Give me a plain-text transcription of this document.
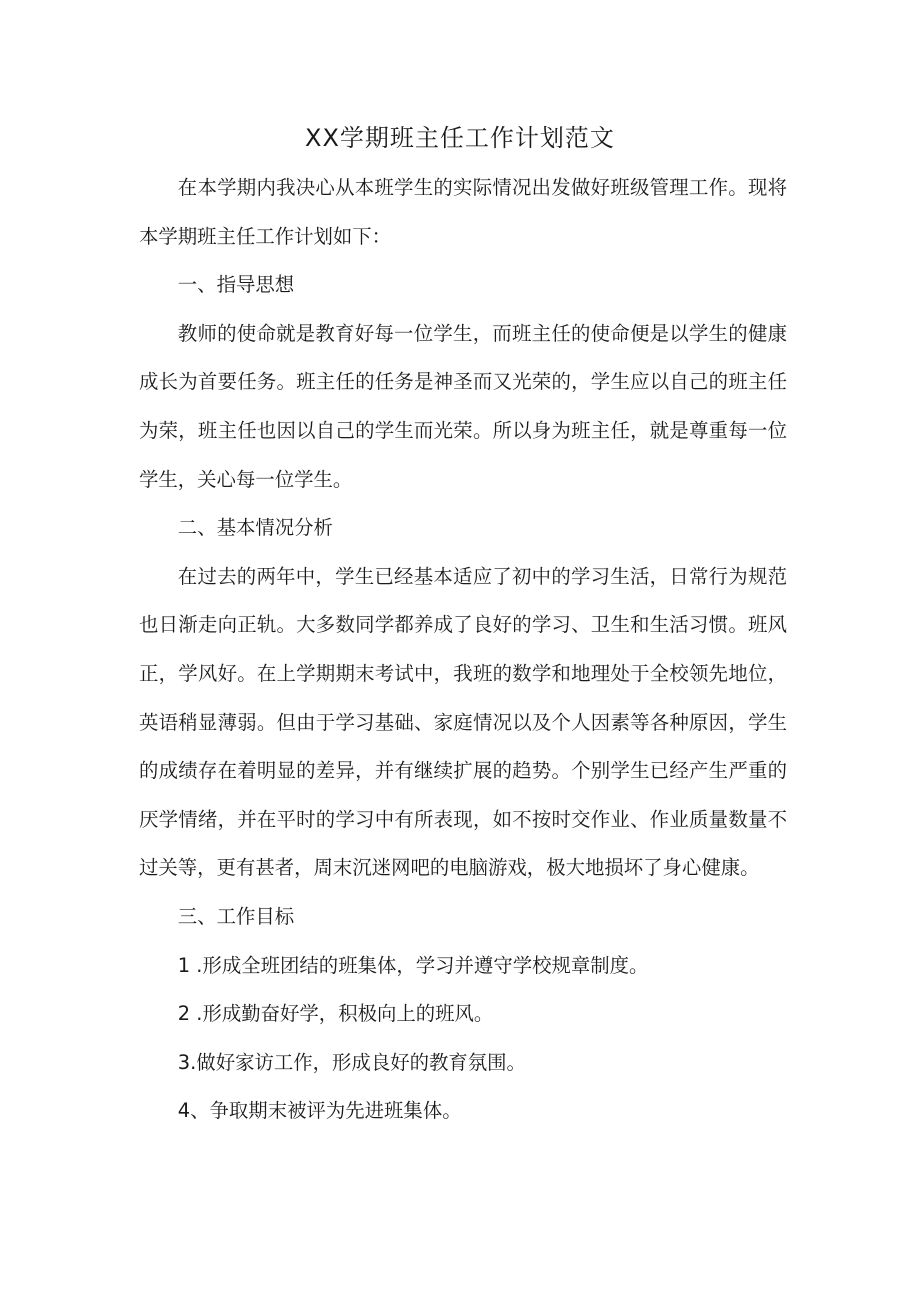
XX学期班主任工作计划范文

在本学期内我决心从本班学生的实际情况出发做好班级管理工作。现将本学期班主任工作计划如下：

一、指导思想

教师的使命就是教育好每一位学生，而班主任的使命便是以学生的健康成长为首要任务。班主任的任务是神圣而又光荣的，学生应以自己的班主任为荣，班主任也因以自己的学生而光荣。所以身为班主任，就是尊重每一位学生，关心每一位学生。

二、基本情况分析

在过去的两年中，学生已经基本适应了初中的学习生活，日常行为规范也日渐走向正轨。大多数同学都养成了良好的学习、卫生和生活习惯。班风正，学风好。在上学期期末考试中，我班的数学和地理处于全校领先地位，英语稍显薄弱。但由于学习基础、家庭情况以及个人因素等各种原因，学生的成绩存在着明显的差异，并有继续扩展的趋势。个别学生已经产生严重的厌学情绪，并在平时的学习中有所表现，如不按时交作业、作业质量数量不过关等，更有甚者，周末沉迷网吧的电脑游戏，极大地损坏了身心健康。

三、工作目标

1 .形成全班团结的班集体，学习并遵守学校规章制度。

2 .形成勤奋好学，积极向上的班风。

3.做好家访工作，形成良好的教育氛围。

4、争取期末被评为先进班集体。
